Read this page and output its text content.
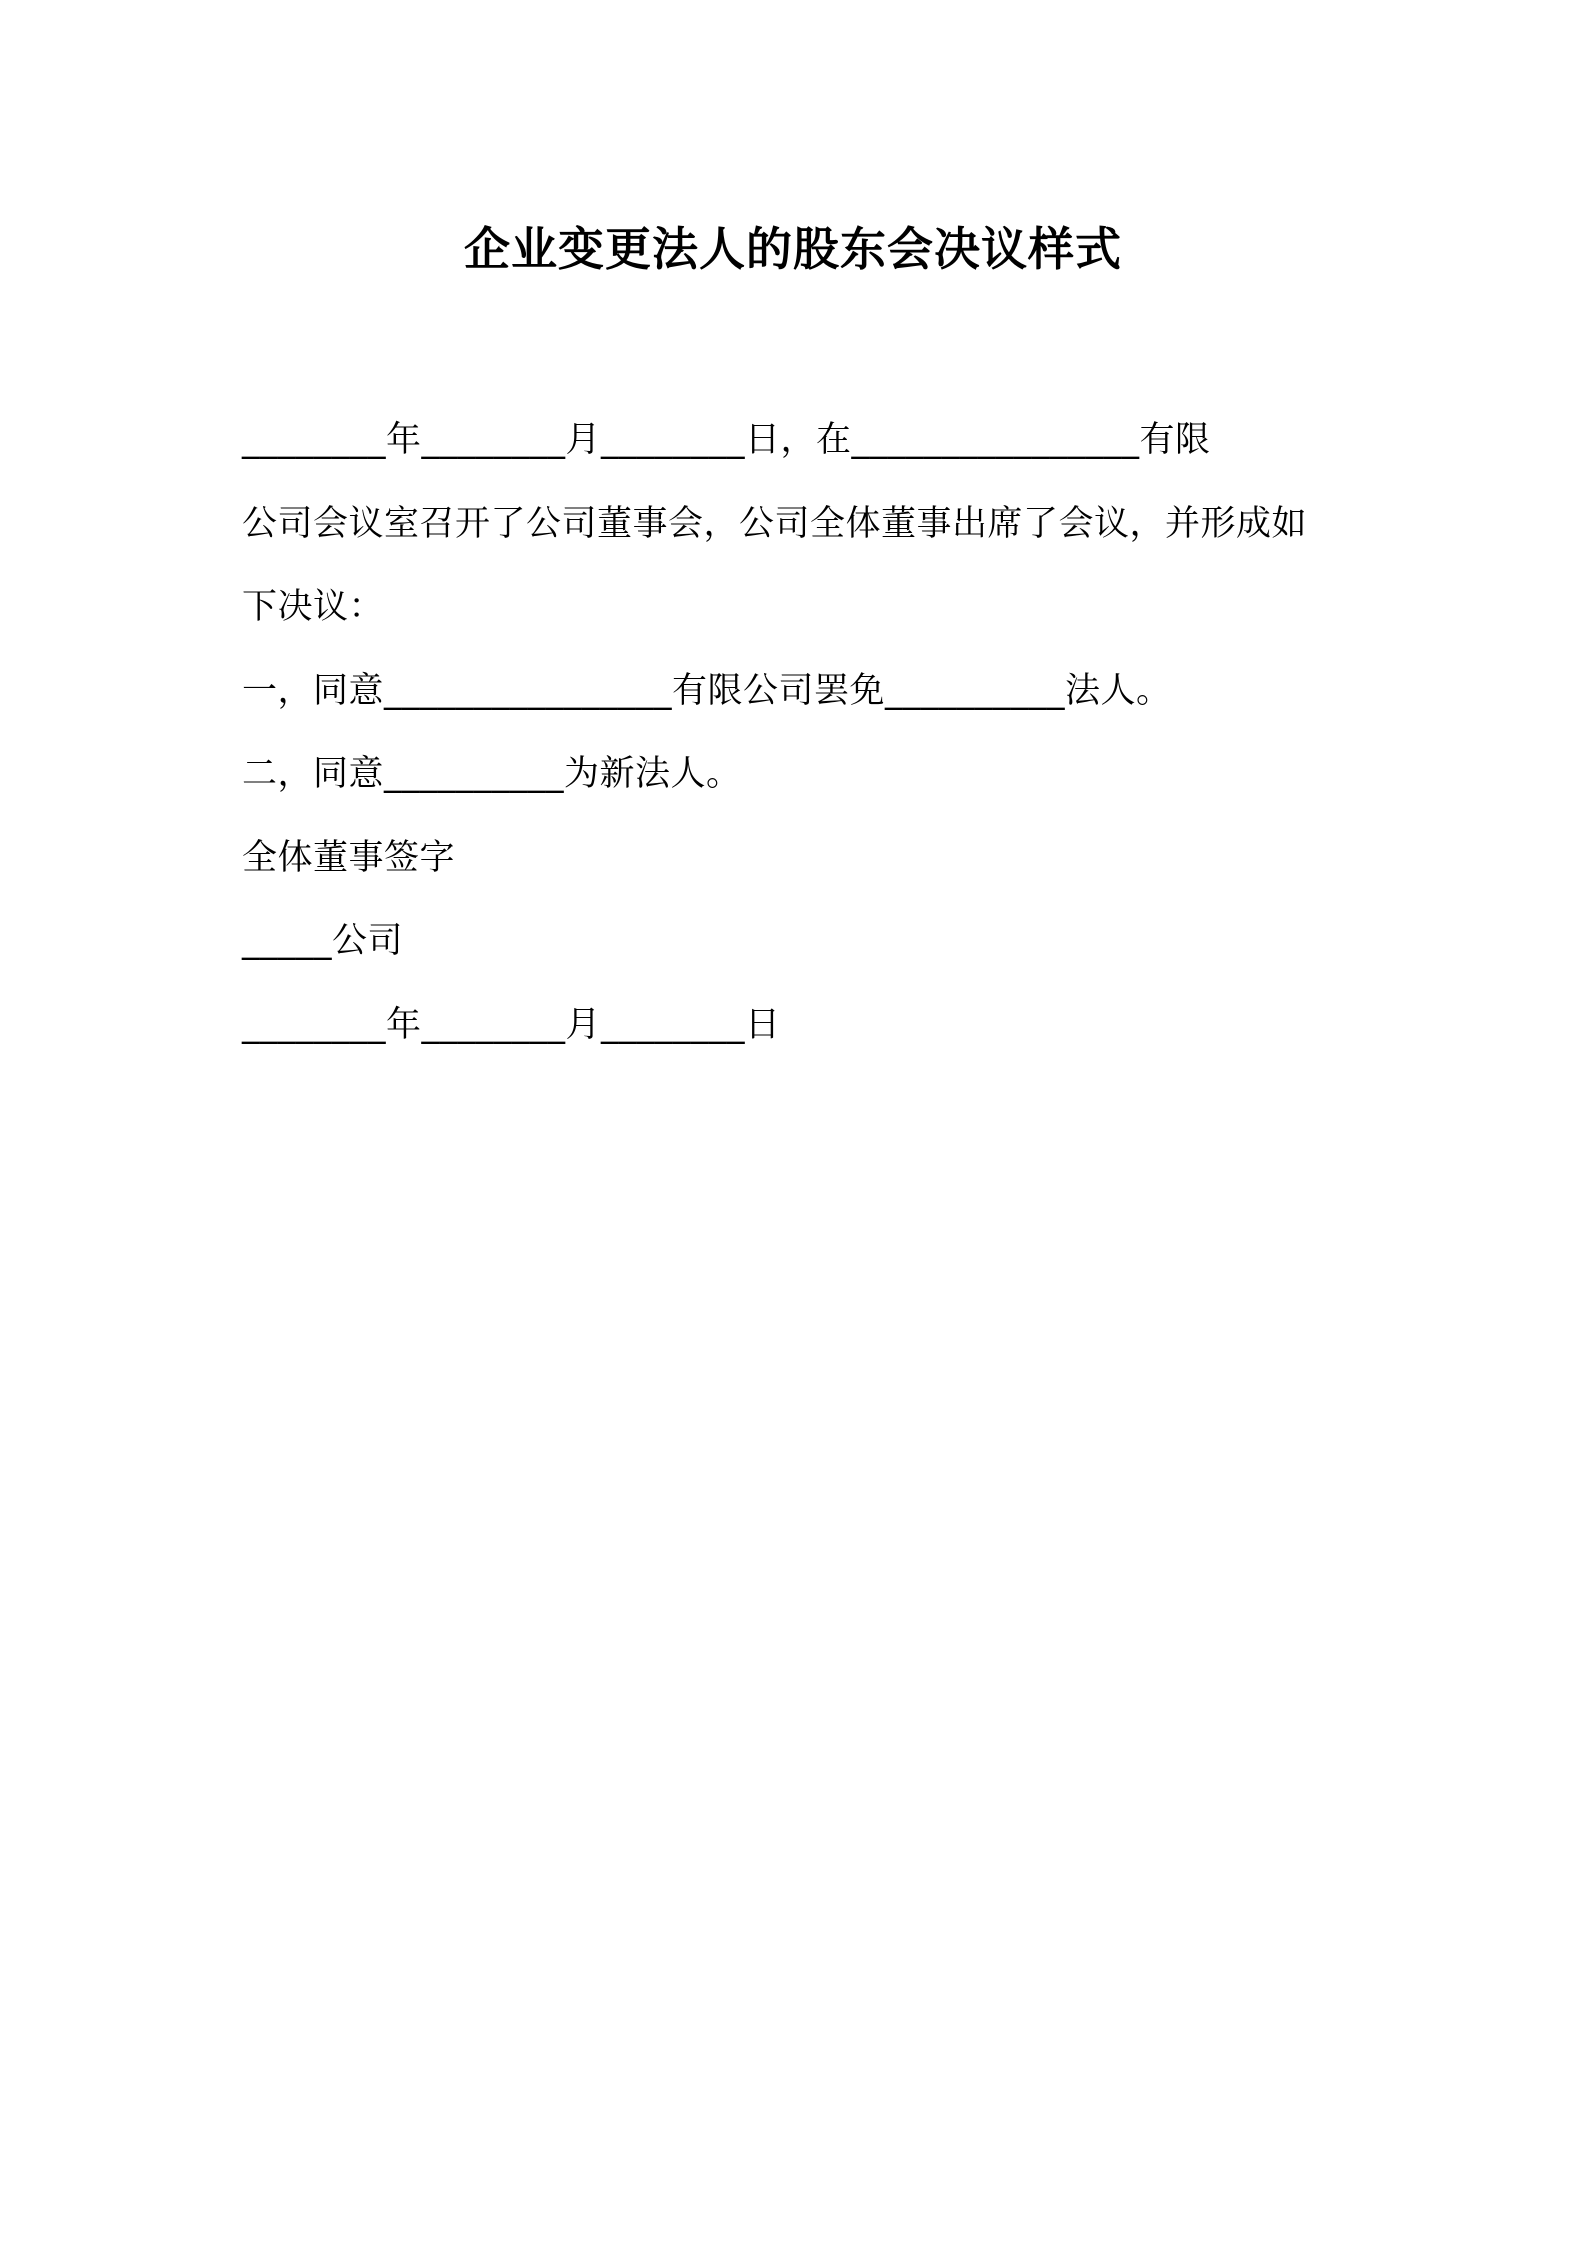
企业变更法人的股东会决议样式
________年________月________日，在________________有限
公司会议室召开了公司董事会，公司全体董事出席了会议，并形成如
下决议：
一，同意________________有限公司罢免__________法人。
二，同意__________为新法人。
全体董事签字
_____公司
________年________月________日
